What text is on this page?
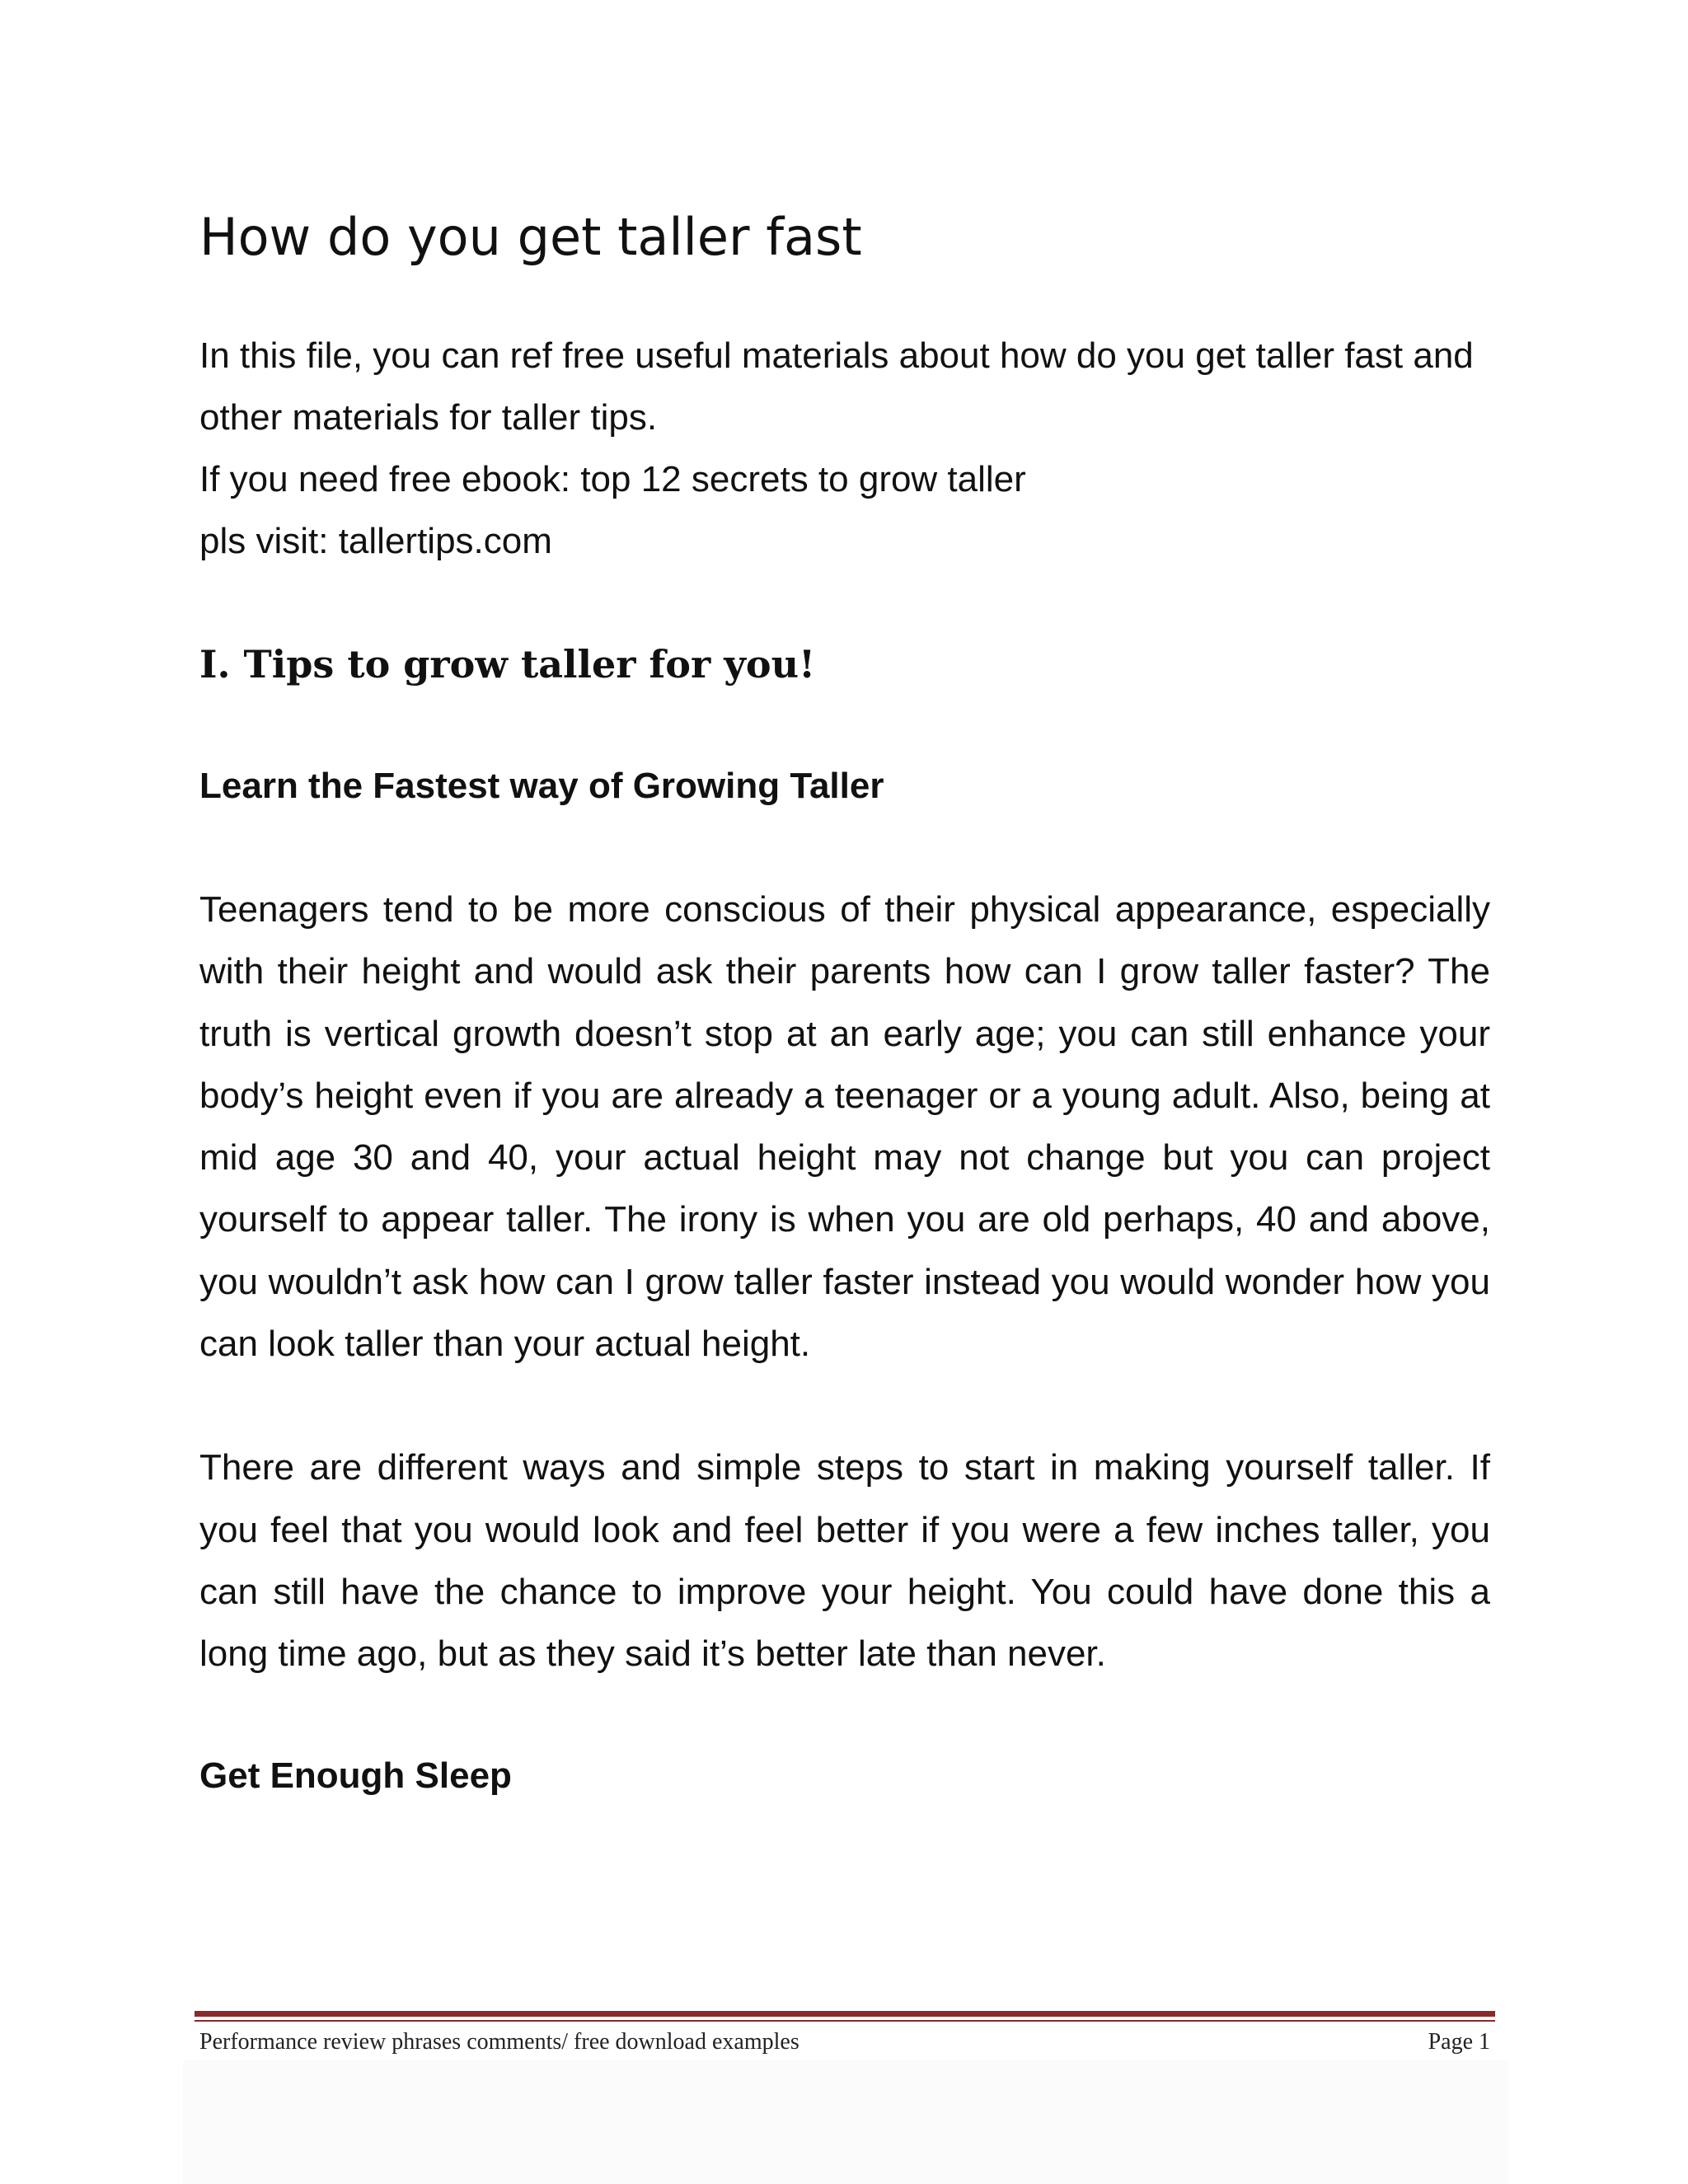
How do you get taller fast

In this file, you can ref free useful materials about how do you get taller fast and other materials for taller tips.

If you need free ebook: top 12 secrets to grow taller

pls visit: tallertips.com

I. Tips to grow taller for you!
Learn the Fastest way of Growing Taller

Teenagers tend to be more conscious of their physical appearance, especially with their height and would ask their parents how can I grow taller faster? The truth is vertical growth doesn’t stop at an early age; you can still enhance your body’s height even if you are already a teenager or a young adult. Also, being at mid age 30 and 40, your actual height may not change but you can project yourself to appear taller. The irony is when you are old perhaps, 40 and above, you wouldn’t ask how can I grow taller faster instead you would wonder how you can look taller than your actual height.

There are different ways and simple steps to start in making yourself taller. If you feel that you would look and feel better if you were a few inches taller, you can still have the chance to improve your height. You could have done this a long time ago, but as they said it’s better late than never.

Get Enough Sleep
Performance review phrases comments/ free download examples	Page 1
